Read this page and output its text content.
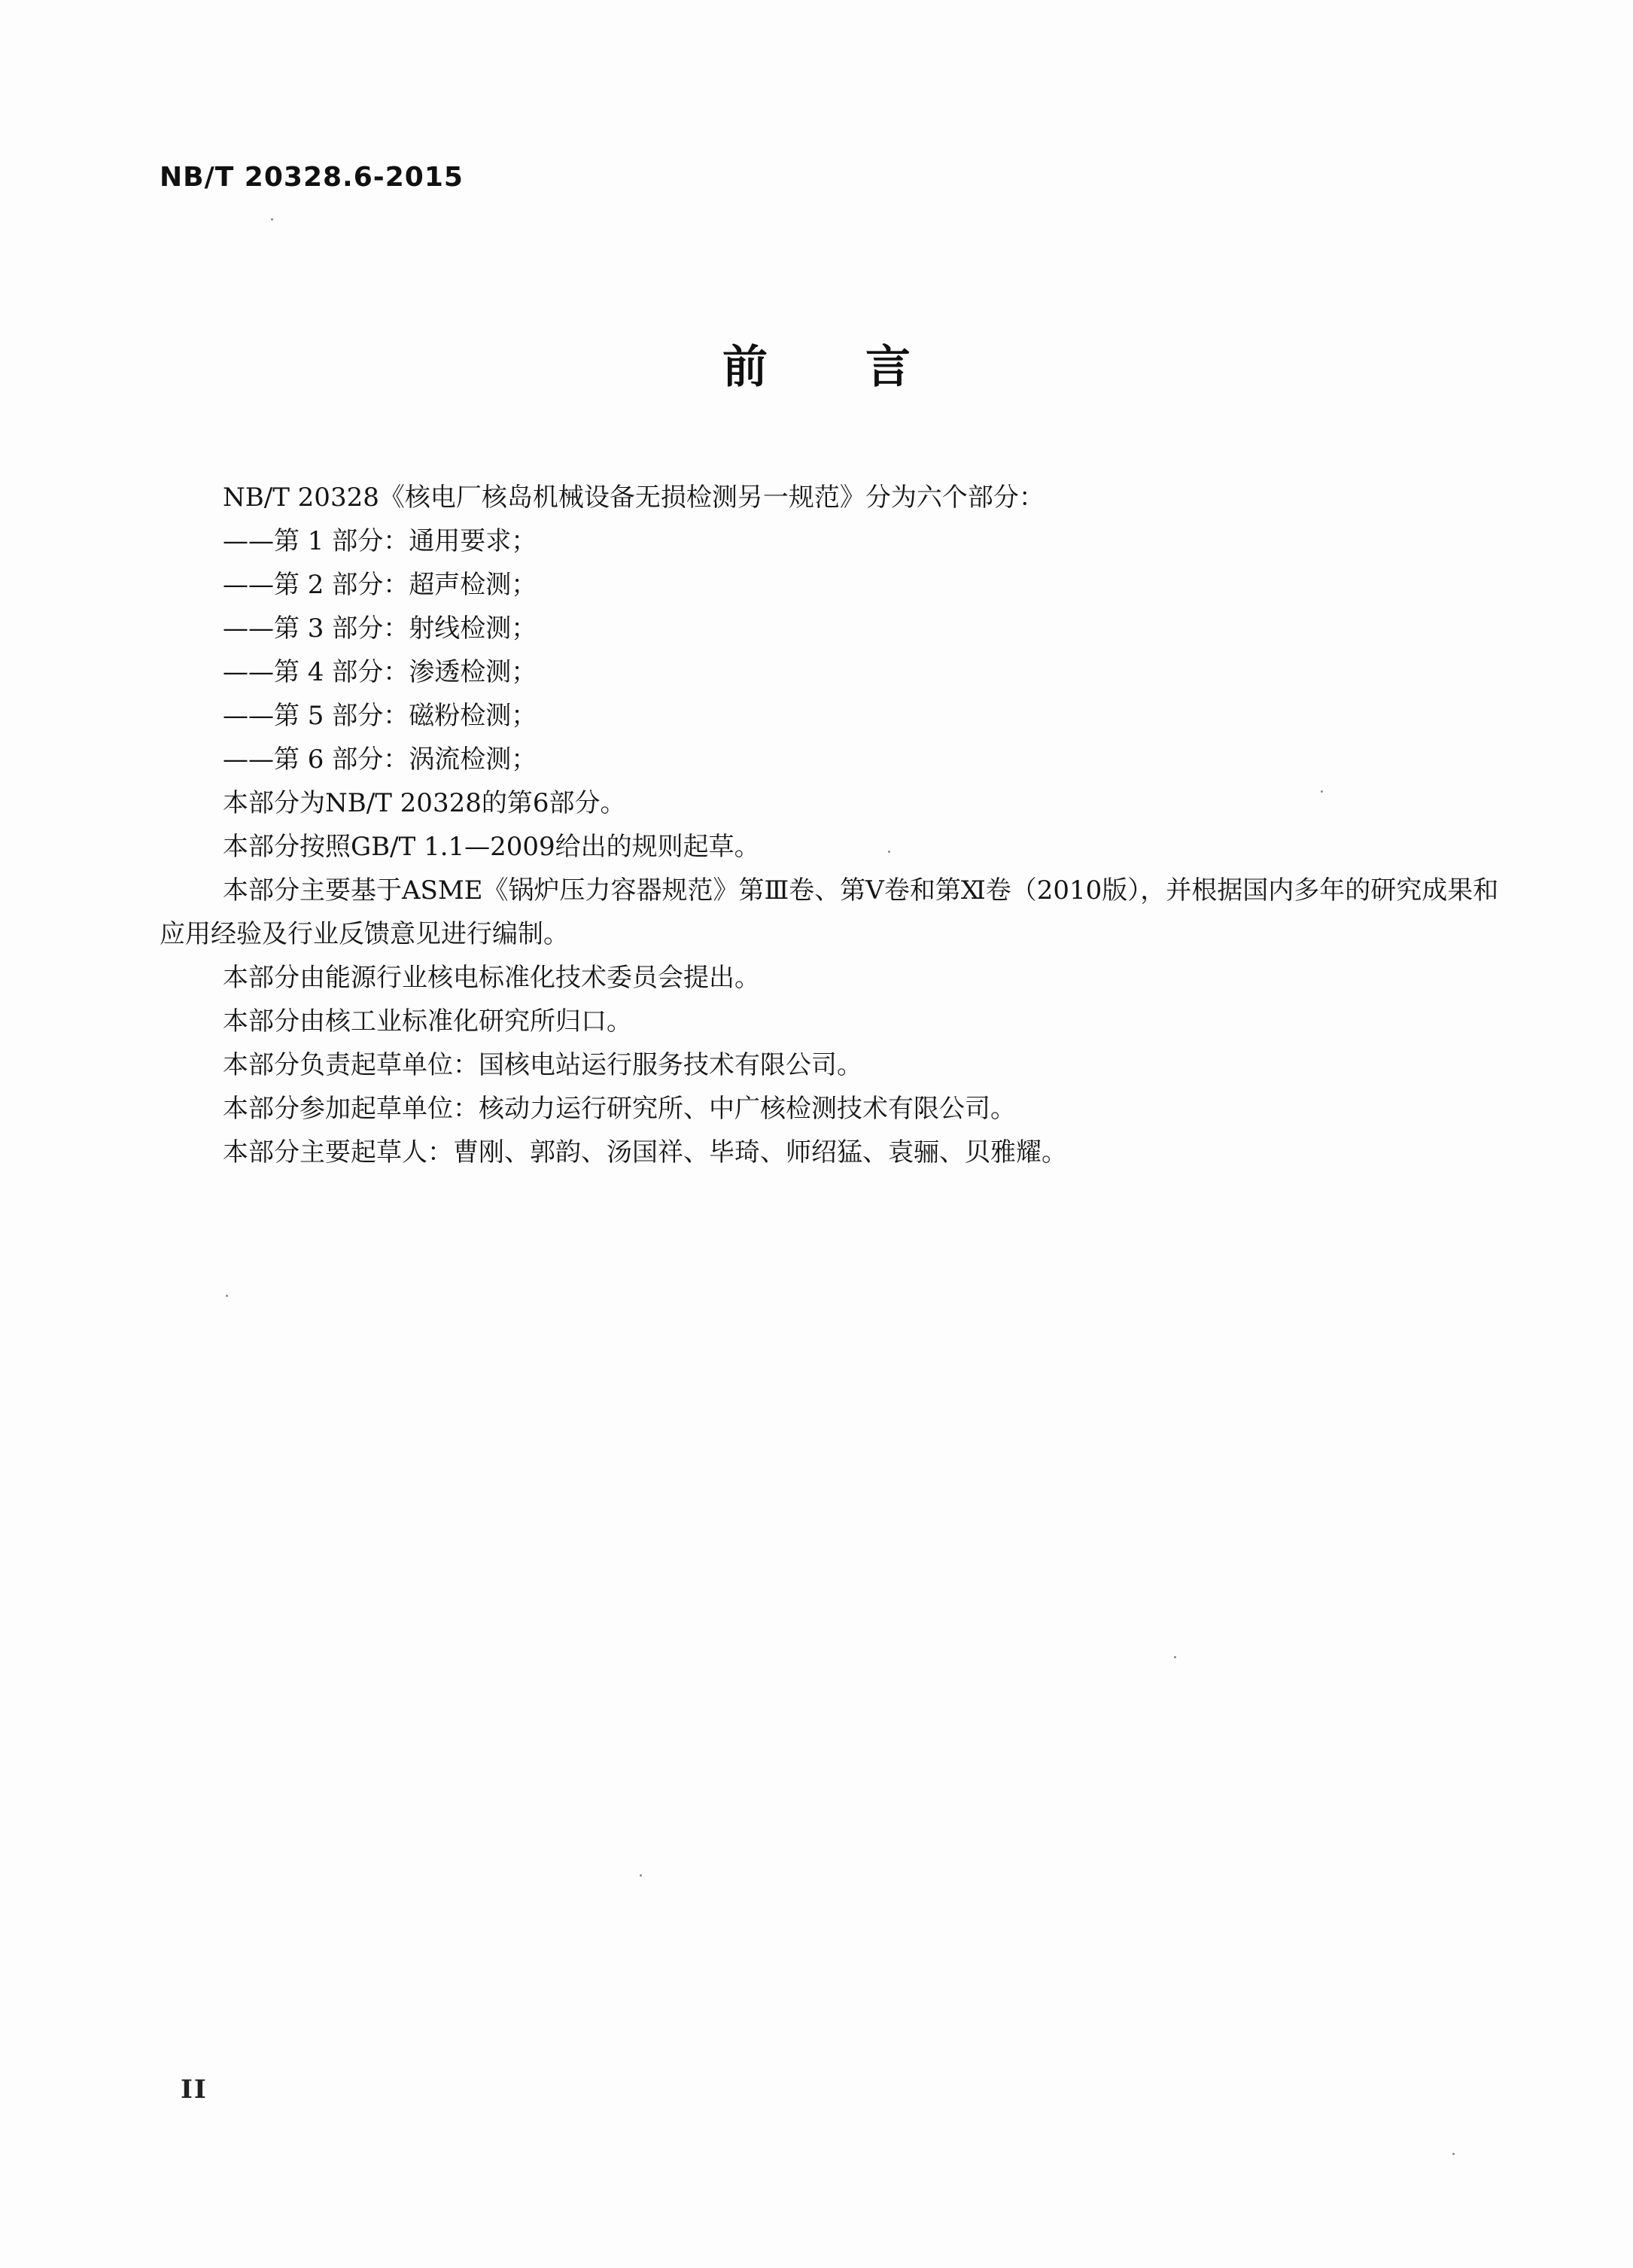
NB/T 20328.6-2015
前 言

NB/T 20328《核电厂核岛机械设备无损检测另一规范》分为六个部分：

——第 1 部分：通用要求；

——第 2 部分：超声检测；

——第 3 部分：射线检测；

——第 4 部分：渗透检测；

——第 5 部分：磁粉检测；

——第 6 部分：涡流检测；

本部分为NB/T 20328的第6部分。

本部分按照GB/T 1.1—2009给出的规则起草。

本部分主要基于ASME《锅炉压力容器规范》第Ⅲ卷、第Ⅴ卷和第Ⅺ卷（2010版），并根据国内多年的研究成果和应用经验及行业反馈意见进行编制。

本部分由能源行业核电标准化技术委员会提出。

本部分由核工业标准化研究所归口。

本部分负责起草单位：国核电站运行服务技术有限公司。

本部分参加起草单位：核动力运行研究所、中广核检测技术有限公司。

本部分主要起草人：曹刚、郭韵、汤国祥、毕琦、师绍猛、袁骊、贝雅耀。

II
